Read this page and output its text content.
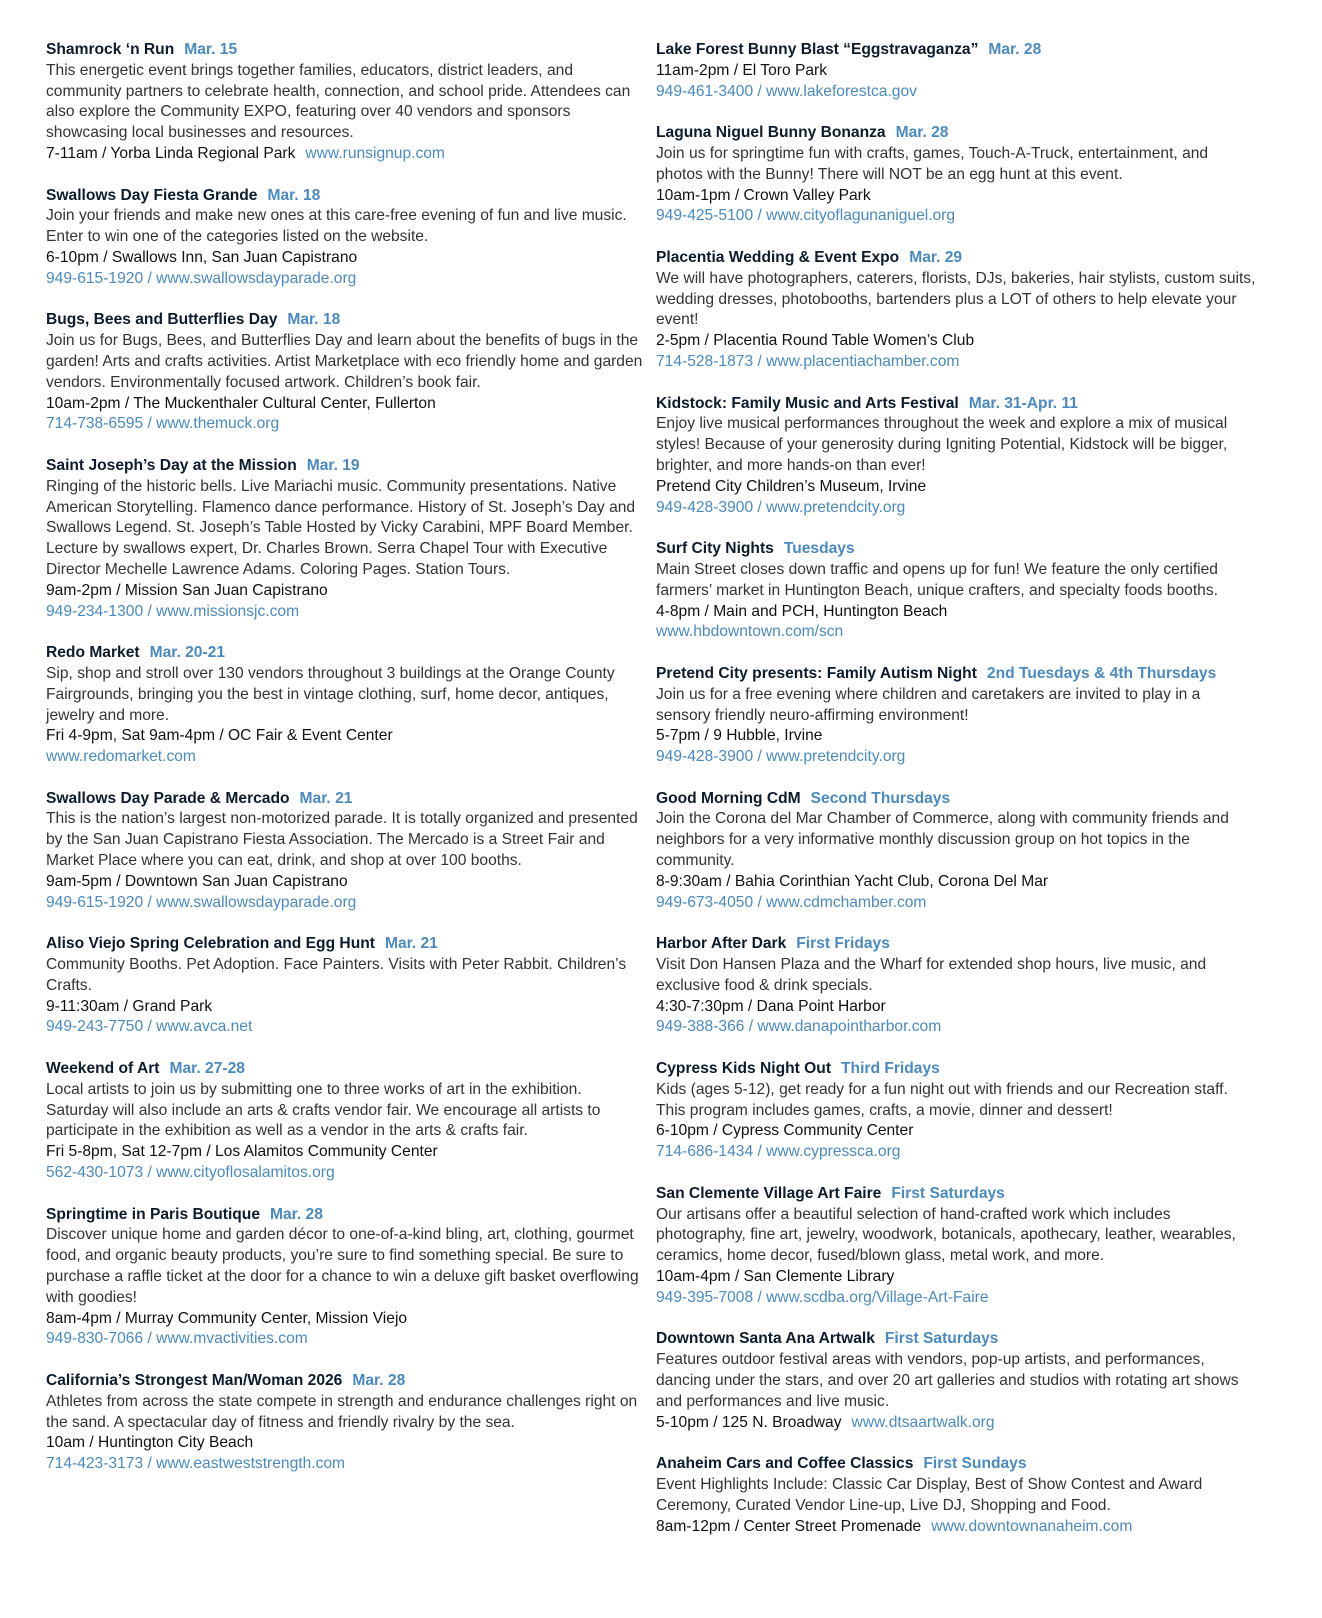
Shamrock ‘n Run Mar. 15
This energetic event brings together families, educators, district leaders, and community partners to celebrate health, connection, and school pride. Attendees can also explore the Community EXPO, featuring over 40 vendors and sponsors showcasing local businesses and resources.
7-11am / Yorba Linda Regional Park www.runsignup.com
Swallows Day Fiesta Grande Mar. 18
Join your friends and make new ones at this care-free evening of fun and live music. Enter to win one of the categories listed on the website.
6-10pm / Swallows Inn, San Juan Capistrano
949-615-1920 / www.swallowsdayparade.org
Bugs, Bees and Butterflies Day Mar. 18
Join us for Bugs, Bees, and Butterflies Day and learn about the benefits of bugs in the garden! Arts and crafts activities. Artist Marketplace with eco friendly home and garden vendors. Environmentally focused artwork. Children’s book fair.
10am-2pm / The Muckenthaler Cultural Center, Fullerton
714-738-6595 / www.themuck.org
Saint Joseph’s Day at the Mission Mar. 19
Ringing of the historic bells. Live Mariachi music. Community presentations. Native American Storytelling. Flamenco dance performance. History of St. Joseph’s Day and Swallows Legend. St. Joseph’s Table Hosted by Vicky Carabini, MPF Board Member. Lecture by swallows expert, Dr. Charles Brown. Serra Chapel Tour with Executive Director Mechelle Lawrence Adams. Coloring Pages. Station Tours.
9am-2pm / Mission San Juan Capistrano
949-234-1300 / www.missionsjc.com
Redo Market Mar. 20-21
Sip, shop and stroll over 130 vendors throughout 3 buildings at the Orange County Fairgrounds, bringing you the best in vintage clothing, surf, home decor, antiques, jewelry and more.
Fri 4-9pm, Sat 9am-4pm / OC Fair & Event Center
www.redomarket.com
Swallows Day Parade & Mercado Mar. 21
This is the nation’s largest non-motorized parade. It is totally organized and presented by the San Juan Capistrano Fiesta Association. The Mercado is a Street Fair and Market Place where you can eat, drink, and shop at over 100 booths.
9am-5pm / Downtown San Juan Capistrano
949-615-1920 / www.swallowsdayparade.org
Aliso Viejo Spring Celebration and Egg Hunt Mar. 21
Community Booths. Pet Adoption. Face Painters. Visits with Peter Rabbit. Children’s Crafts.
9-11:30am / Grand Park
949-243-7750 / www.avca.net
Weekend of Art Mar. 27-28
Local artists to join us by submitting one to three works of art in the exhibition. Saturday will also include an arts & crafts vendor fair. We encourage all artists to participate in the exhibition as well as a vendor in the arts & crafts fair.
Fri 5-8pm, Sat 12-7pm / Los Alamitos Community Center
562-430-1073 / www.cityoflosalamitos.org
Springtime in Paris Boutique Mar. 28
Discover unique home and garden décor to one-of-a-kind bling, art, clothing, gourmet food, and organic beauty products, you’re sure to find something special. Be sure to purchase a raffle ticket at the door for a chance to win a deluxe gift basket overflowing with goodies!
8am-4pm / Murray Community Center, Mission Viejo
949-830-7066 / www.mvactivities.com
California’s Strongest Man/Woman 2026 Mar. 28
Athletes from across the state compete in strength and endurance challenges right on the sand. A spectacular day of fitness and friendly rivalry by the sea.
10am / Huntington City Beach
714-423-3173 / www.eastweststrength.com
Lake Forest Bunny Blast “Eggstravaganza” Mar. 28
11am-2pm / El Toro Park
949-461-3400 / www.lakeforestca.gov
Laguna Niguel Bunny Bonanza Mar. 28
Join us for springtime fun with crafts, games, Touch-A-Truck, entertainment, and photos with the Bunny! There will NOT be an egg hunt at this event.
10am-1pm / Crown Valley Park
949-425-5100 / www.cityoflagunaniguel.org
Placentia Wedding & Event Expo Mar. 29
We will have photographers, caterers, florists, DJs, bakeries, hair stylists, custom suits, wedding dresses, photobooths, bartenders plus a LOT of others to help elevate your event!
2-5pm / Placentia Round Table Women’s Club
714-528-1873 / www.placentiachamber.com
Kidstock: Family Music and Arts Festival Mar. 31-Apr. 11
Enjoy live musical performances throughout the week and explore a mix of musical styles! Because of your generosity during Igniting Potential, Kidstock will be bigger, brighter, and more hands-on than ever!
Pretend City Children’s Museum, Irvine
949-428-3900 / www.pretendcity.org
Surf City Nights Tuesdays
Main Street closes down traffic and opens up for fun! We feature the only certified farmers’ market in Huntington Beach, unique crafters, and specialty foods booths.
4-8pm / Main and PCH, Huntington Beach
www.hbdowntown.com/scn
Pretend City presents: Family Autism Night 2nd Tuesdays & 4th Thursdays
Join us for a free evening where children and caretakers are invited to play in a sensory friendly neuro-affirming environment!
5-7pm / 9 Hubble, Irvine
949-428-3900 / www.pretendcity.org
Good Morning CdM Second Thursdays
Join the Corona del Mar Chamber of Commerce, along with community friends and neighbors for a very informative monthly discussion group on hot topics in the community.
8-9:30am / Bahia Corinthian Yacht Club, Corona Del Mar
949-673-4050 / www.cdmchamber.com
Harbor After Dark First Fridays
Visit Don Hansen Plaza and the Wharf for extended shop hours, live music, and exclusive food & drink specials.
4:30-7:30pm / Dana Point Harbor
949-388-366 / www.danapointharbor.com
Cypress Kids Night Out Third Fridays
Kids (ages 5-12), get ready for a fun night out with friends and our Recreation staff. This program includes games, crafts, a movie, dinner and dessert!
6-10pm / Cypress Community Center
714-686-1434 / www.cypressca.org
San Clemente Village Art Faire First Saturdays
Our artisans offer a beautiful selection of hand-crafted work which includes photography, fine art, jewelry, woodwork, botanicals, apothecary, leather, wearables, ceramics, home decor, fused/blown glass, metal work, and more.
10am-4pm / San Clemente Library
949-395-7008 / www.scdba.org/Village-Art-Faire
Downtown Santa Ana Artwalk First Saturdays
Features outdoor festival areas with vendors, pop-up artists, and performances, dancing under the stars, and over 20 art galleries and studios with rotating art shows and performances and live music.
5-10pm / 125 N. Broadway www.dtsaartwalk.org
Anaheim Cars and Coffee Classics First Sundays
Event Highlights Include: Classic Car Display, Best of Show Contest and Award Ceremony, Curated Vendor Line-up, Live DJ, Shopping and Food.
8am-12pm / Center Street Promenade www.downtownanaheim.com
